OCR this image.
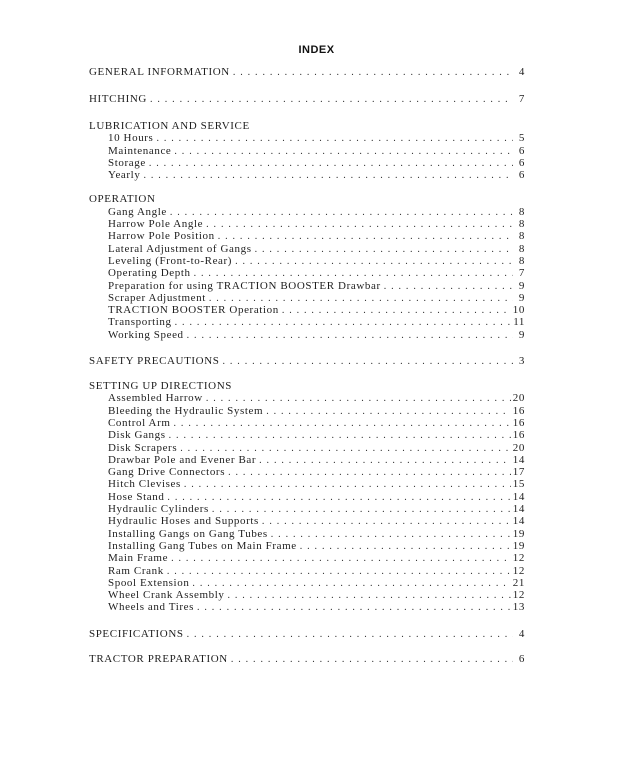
INDEX
GENERAL INFORMATION . . .	4
HITCHING . . .	7
LUBRICATION AND SERVICE
10 Hours . . .	5
Maintenance . . .	6
Storage . . .	6
Yearly . . .	6
OPERATION
Gang Angle . . .	8
Harrow Pole Angle . . .	8
Harrow Pole Position . . .	8
Lateral Adjustment of Gangs . . .	8
Leveling (Front-to-Rear) . . .	8
Operating Depth . . .	7
Preparation for using TRACTION BOOSTER Drawbar . . .	9
Scraper Adjustment . . .	9
TRACTION BOOSTER Operation . . .	10
Transporting . . .	11
Working Speed . . .	9
SAFETY PRECAUTIONS . . .	3
SETTING UP DIRECTIONS
Assembled Harrow . . .	20
Bleeding the Hydraulic System . . .	16
Control Arm . . .	16
Disk Gangs . . .	16
Disk Scrapers . . .	20
Drawbar Pole and Evener Bar . . .	14
Gang Drive Connectors . . .	17
Hitch Clevises . . .	15
Hose Stand . . .	14
Hydraulic Cylinders . . .	14
Hydraulic Hoses and Supports . . .	14
Installing Gangs on Gang Tubes . . .	19
Installing Gang Tubes on Main Frame . . .	19
Main Frame . . .	12
Ram Crank . . .	12
Spool Extension . . .	21
Wheel Crank Assembly . . .	12
Wheels and Tires . . .	13
SPECIFICATIONS . . .	4
TRACTOR PREPARATION . . .	6
